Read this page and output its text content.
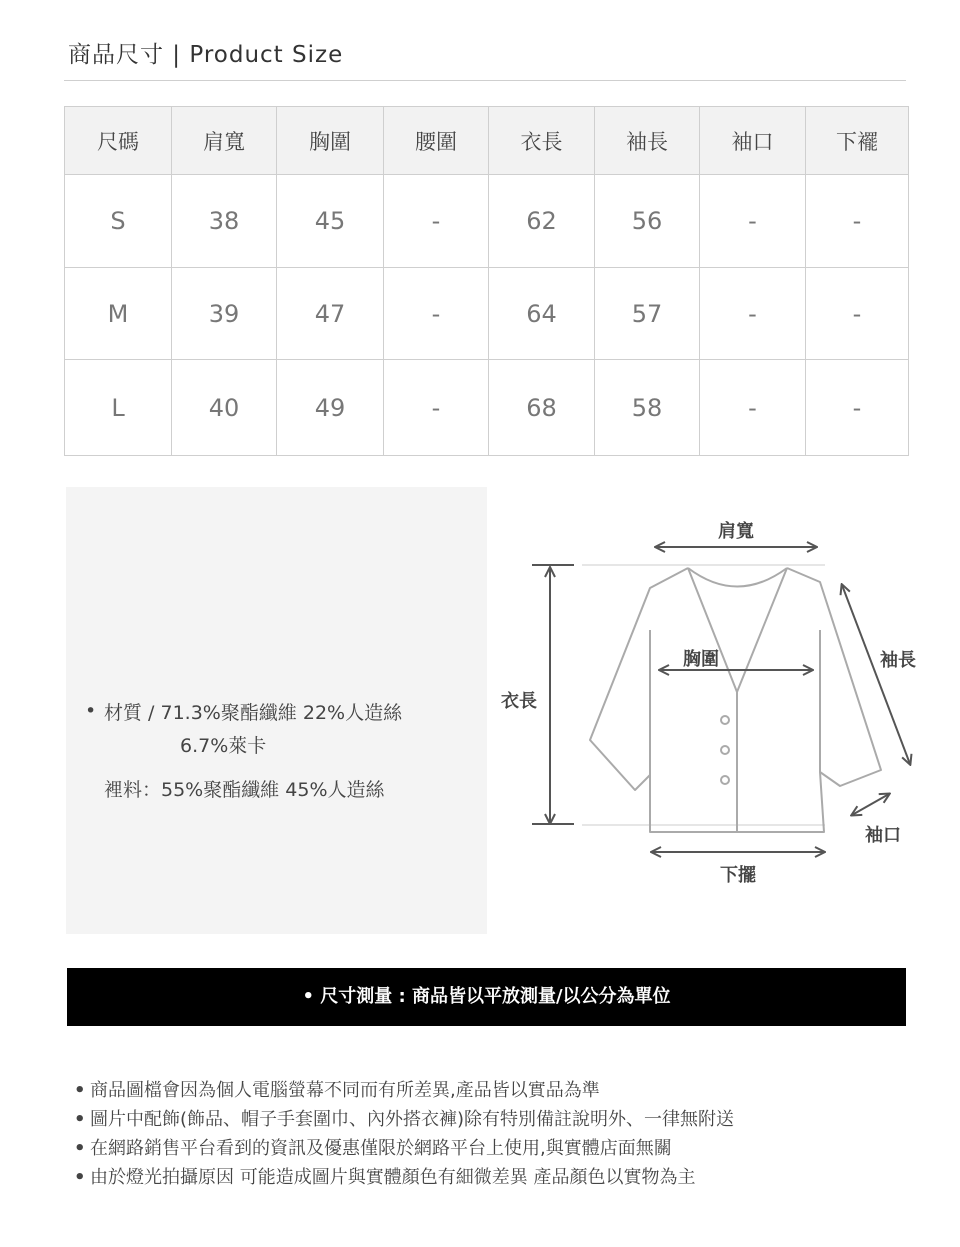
商品尺寸 | Product Size
尺碼	肩寬	胸圍	腰圍	衣長	袖長	袖口	下襬
S	38	45	-	62	56	-	-
M	39	47	-	64	57	-	-
L	40	49	-	68	58	-	-
• 材質 / 71.3%聚酯纖維 22%人造絲
6.7%萊卡
裡料：55%聚酯纖維 45%人造絲
肩寬
胸圍	袖長
衣長
袖口
下擺
• 尺寸測量 : 商品皆以平放測量/以公分為單位
• 商品圖檔會因為個人電腦螢幕不同而有所差異,產品皆以實品為準
• 圖片中配飾(飾品、帽子手套圍巾、內外搭衣褲)除有特別備註說明外、一律無附送
• 在網路銷售平台看到的資訊及優惠僅限於網路平台上使用,與實體店面無關
• 由於燈光拍攝原因 可能造成圖片與實體顏色有細微差異 產品顏色以實物為主
